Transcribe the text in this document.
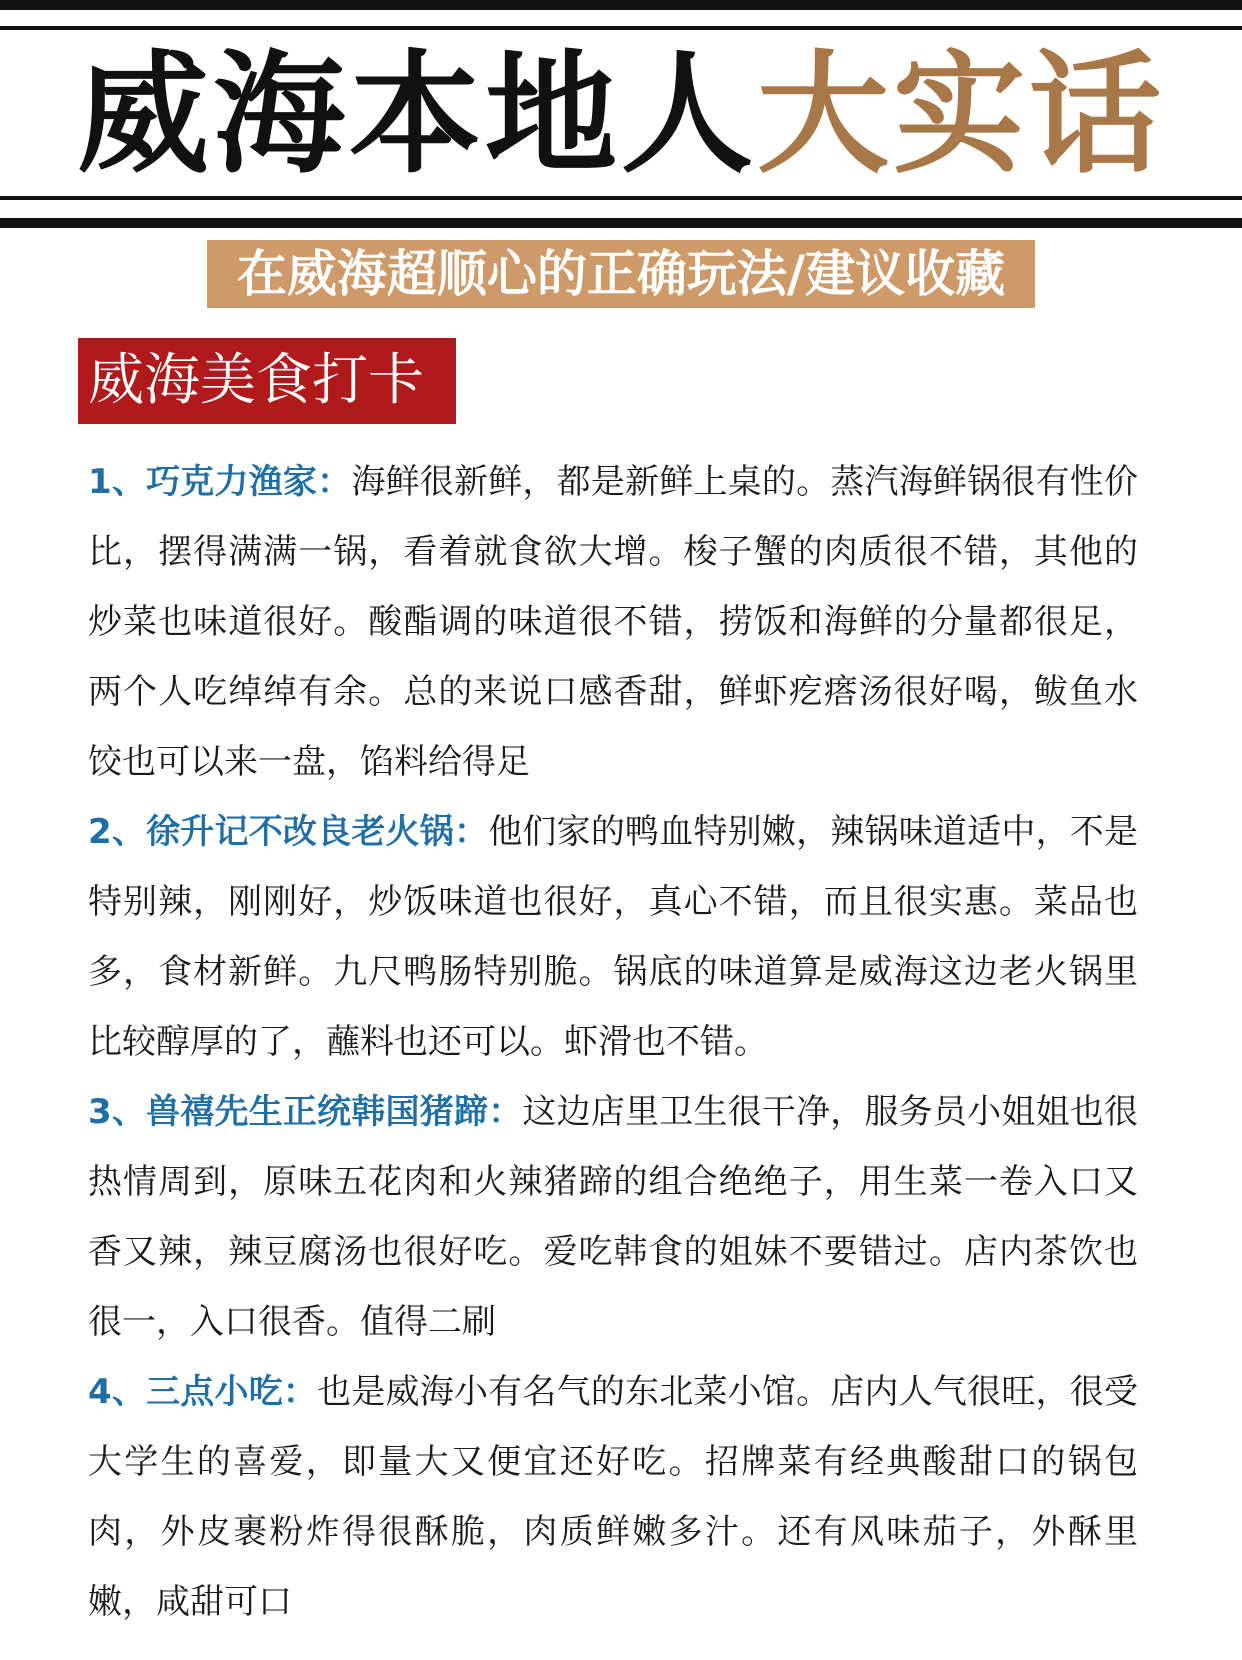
威海本地人大实话
在威海超顺心的正确玩法/建议收藏
威海美食打卡

1、巧克力渔家：海鲜很新鲜，都是新鲜上桌的。蒸汽海鲜锅很有性价比，摆得满满一锅，看着就食欲大增。梭子蟹的肉质很不错，其他的炒菜也味道很好。酸酯调的味道很不错，捞饭和海鲜的分量都很足，两个人吃绰绰有余。总的来说口感香甜，鲜虾疙瘩汤很好喝，鲅鱼水饺也可以来一盘，馅料给得足

2、徐升记不改良老火锅：他们家的鸭血特别嫩，辣锅味道适中，不是特别辣，刚刚好，炒饭味道也很好，真心不错，而且很实惠。菜品也多，食材新鲜。九尺鸭肠特别脆。锅底的味道算是威海这边老火锅里比较醇厚的了，蘸料也还可以。虾滑也不错。

3、兽禧先生正统韩国猪蹄：这边店里卫生很干净，服务员小姐姐也很热情周到，原味五花肉和火辣猪蹄的组合绝绝子，用生菜一卷入口又香又辣，辣豆腐汤也很好吃。爱吃韩食的姐妹不要错过。店内茶饮也很一，入口很香。值得二刷

4、三点小吃：也是威海小有名气的东北菜小馆。店内人气很旺，很受大学生的喜爱，即量大又便宜还好吃。招牌菜有经典酸甜口的锅包肉，外皮裹粉炸得很酥脆，肉质鲜嫩多汁。还有风味茄子，外酥里嫩，咸甜可口
